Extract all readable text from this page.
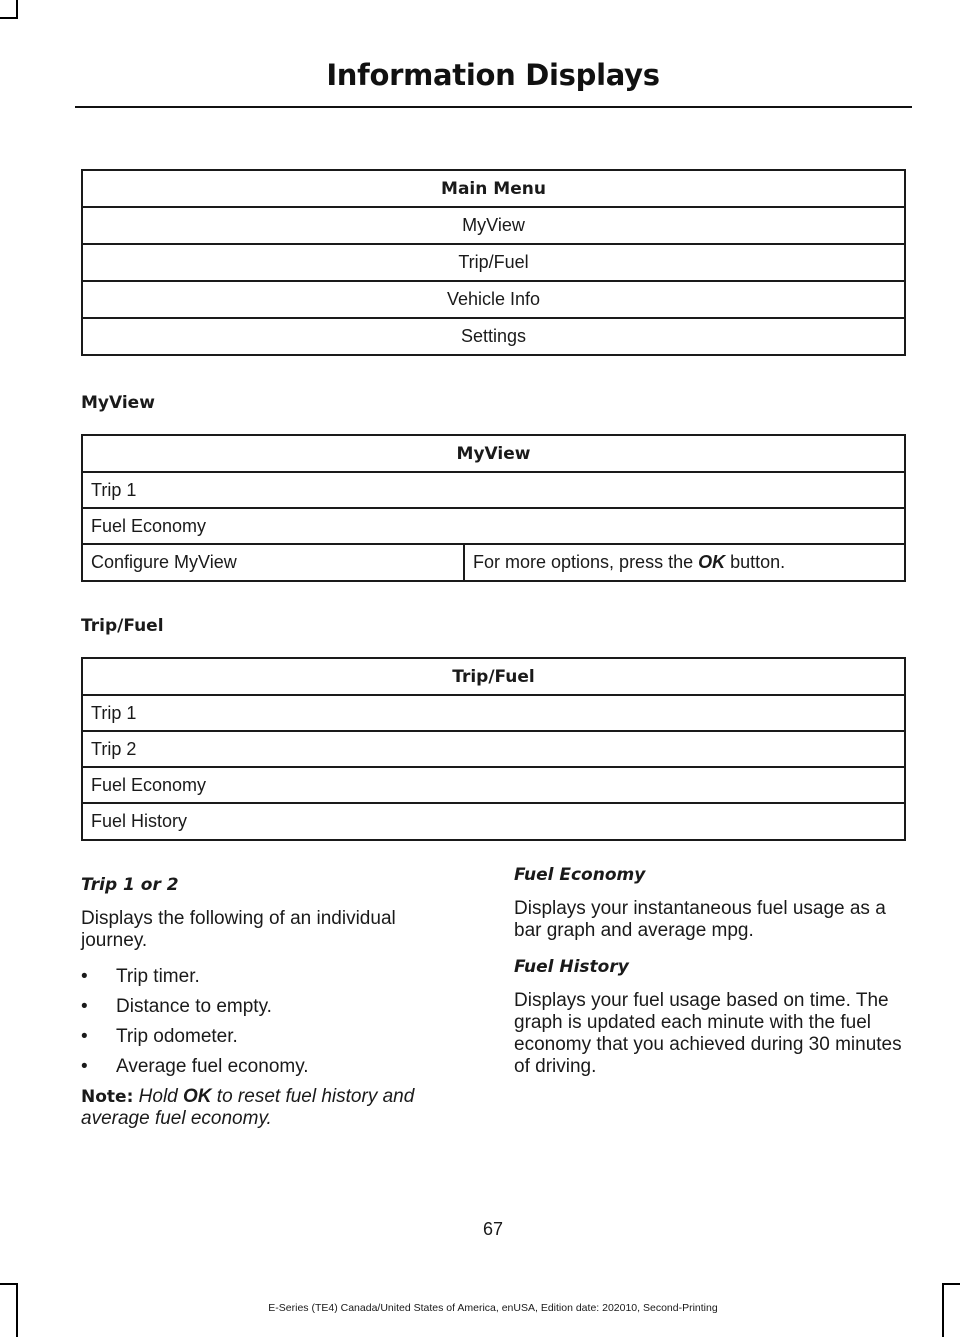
Information Displays
Main Menu
MyView
Trip/Fuel
Vehicle Info
Settings
MyView
MyView
Trip 1
Fuel Economy
Configure MyView	For more options, press the OK button.
Trip/Fuel
Trip/Fuel
Trip 1
Trip 2
Fuel Economy
Fuel History
Trip 1 or 2

Displays the following of an individual journey.

• Trip timer.
• Distance to empty.
• Trip odometer.
• Average fuel economy.

Note: Hold OK to reset fuel history and average fuel economy.

Fuel Economy

Displays your instantaneous fuel usage as a bar graph and average mpg.

Fuel History

Displays your fuel usage based on time. The graph is updated each minute with the fuel economy that you achieved during 30 minutes of driving.

67
E-Series (TE4) Canada/United States of America, enUSA, Edition date: 202010, Second-Printing
